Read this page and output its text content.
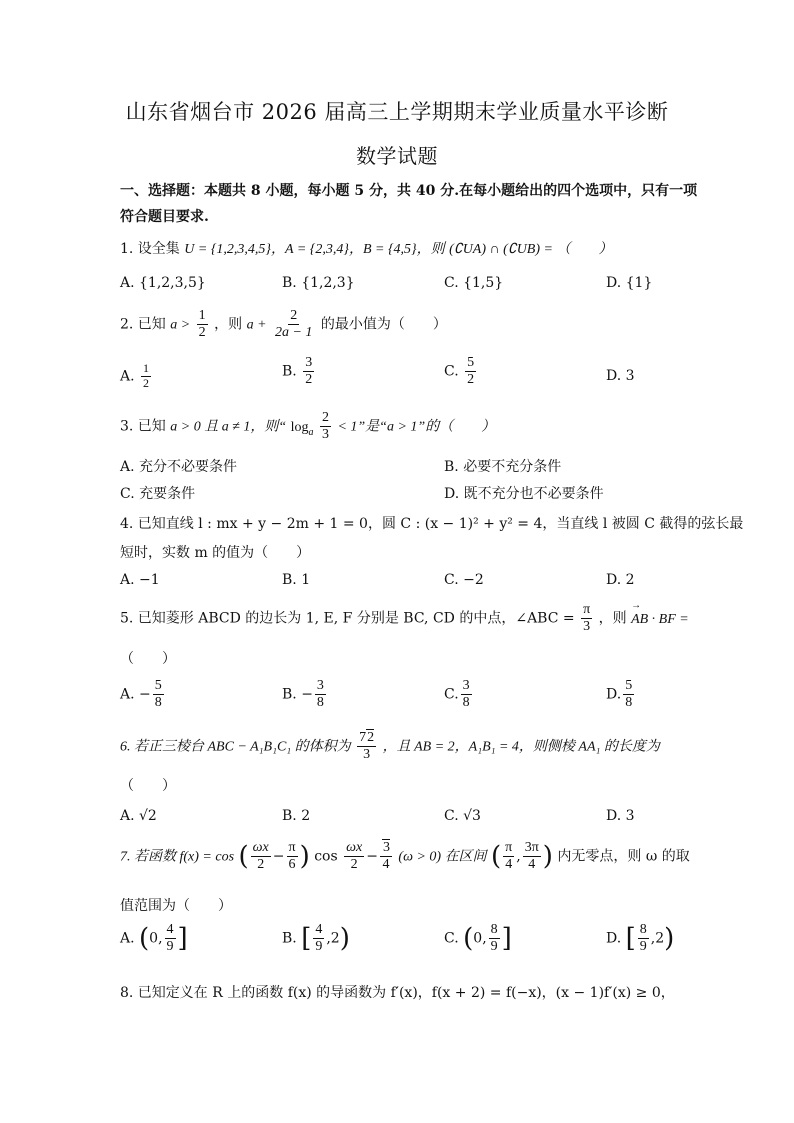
山东省烟台市 2026 届高三上学期期末学业质量水平诊断
数学试题
一、选择题：本题共 8 小题，每小题 5 分，共 40 分.在每小题给出的四个选项中，只有一项
符合题目要求.
1. 设全集 U = {1,2,3,4,5}，A = {2,3,4}，B = {4,5}，则 (∁UA) ∩ (∁UB) = （　　）
A. {1,2,3,5}	B. {1,2,3}	C. {1,5}	D. {1}
2. 已知 $a > \frac{1}{2}$ ，则 $a + \frac{2}{2a - 1}$ 的最小值为（　　）
A. $\frac{1}{2}$	B. $\frac{3}{2}$	C. $\frac{5}{2}$	D. 3
3. 已知 a > 0 且 a ≠ 1，则“ $\log_a \frac{2}{3} < 1$”是“a > 1”的（　　）
A. 充分不必要条件	B. 必要不充分条件
C. 充要条件	D. 既不充分也不必要条件
4. 已知直线 l : mx + y − 2m + 1 = 0，圆 C : (x − 1)² + y² = 4，当直线 l 被圆 C 截得的弦长最
短时，实数 m 的值为（　　）
A. −1	B. 1	C. −2	D. 2
5. 已知菱形 ABCD 的边长为 1, E, F 分别是 BC, CD 的中点，∠ABC = $\frac{\pi}{3}$ ，则 → AB · BF =
（　　）
A. − $\frac{5}{8}$	B. − $\frac{3}{8}$	C. $\frac{3}{8}$	D. $\frac{5}{8}$
6. 若正三棱台 ABC − A₁B₁C₁ 的体积为 $\frac{72}{3}$ ，且 AB = 2，A₁B₁ = 4，则侧棱 AA₁ 的长度为
（　　）
A. √2	B. 2	C. √3	D. 3
7. 若函数 f(x) = cos ( $\frac{\omega x}{2} - \frac{\pi}{6}$ ) $\cos \frac{\omega x}{2} - \frac{3}{4} (\omega > 0)$ 在区间 ( $\frac{\pi}{4}$ , $\frac{3\pi}{4}$ ) 内无零点，则 ω 的取
值范围为（　　）
A. (0, $\frac{4}{9}$ ]	B. [ $\frac{4}{9} ,2$)	C. (0, $\frac{8}{9}$ ]	D. [ $\frac{8}{9} ,2$)
8. 已知定义在 R 上的函数 f(x) 的导函数为 f′(x)，f(x + 2) = f(−x)，(x − 1)f′(x) ≥ 0，
